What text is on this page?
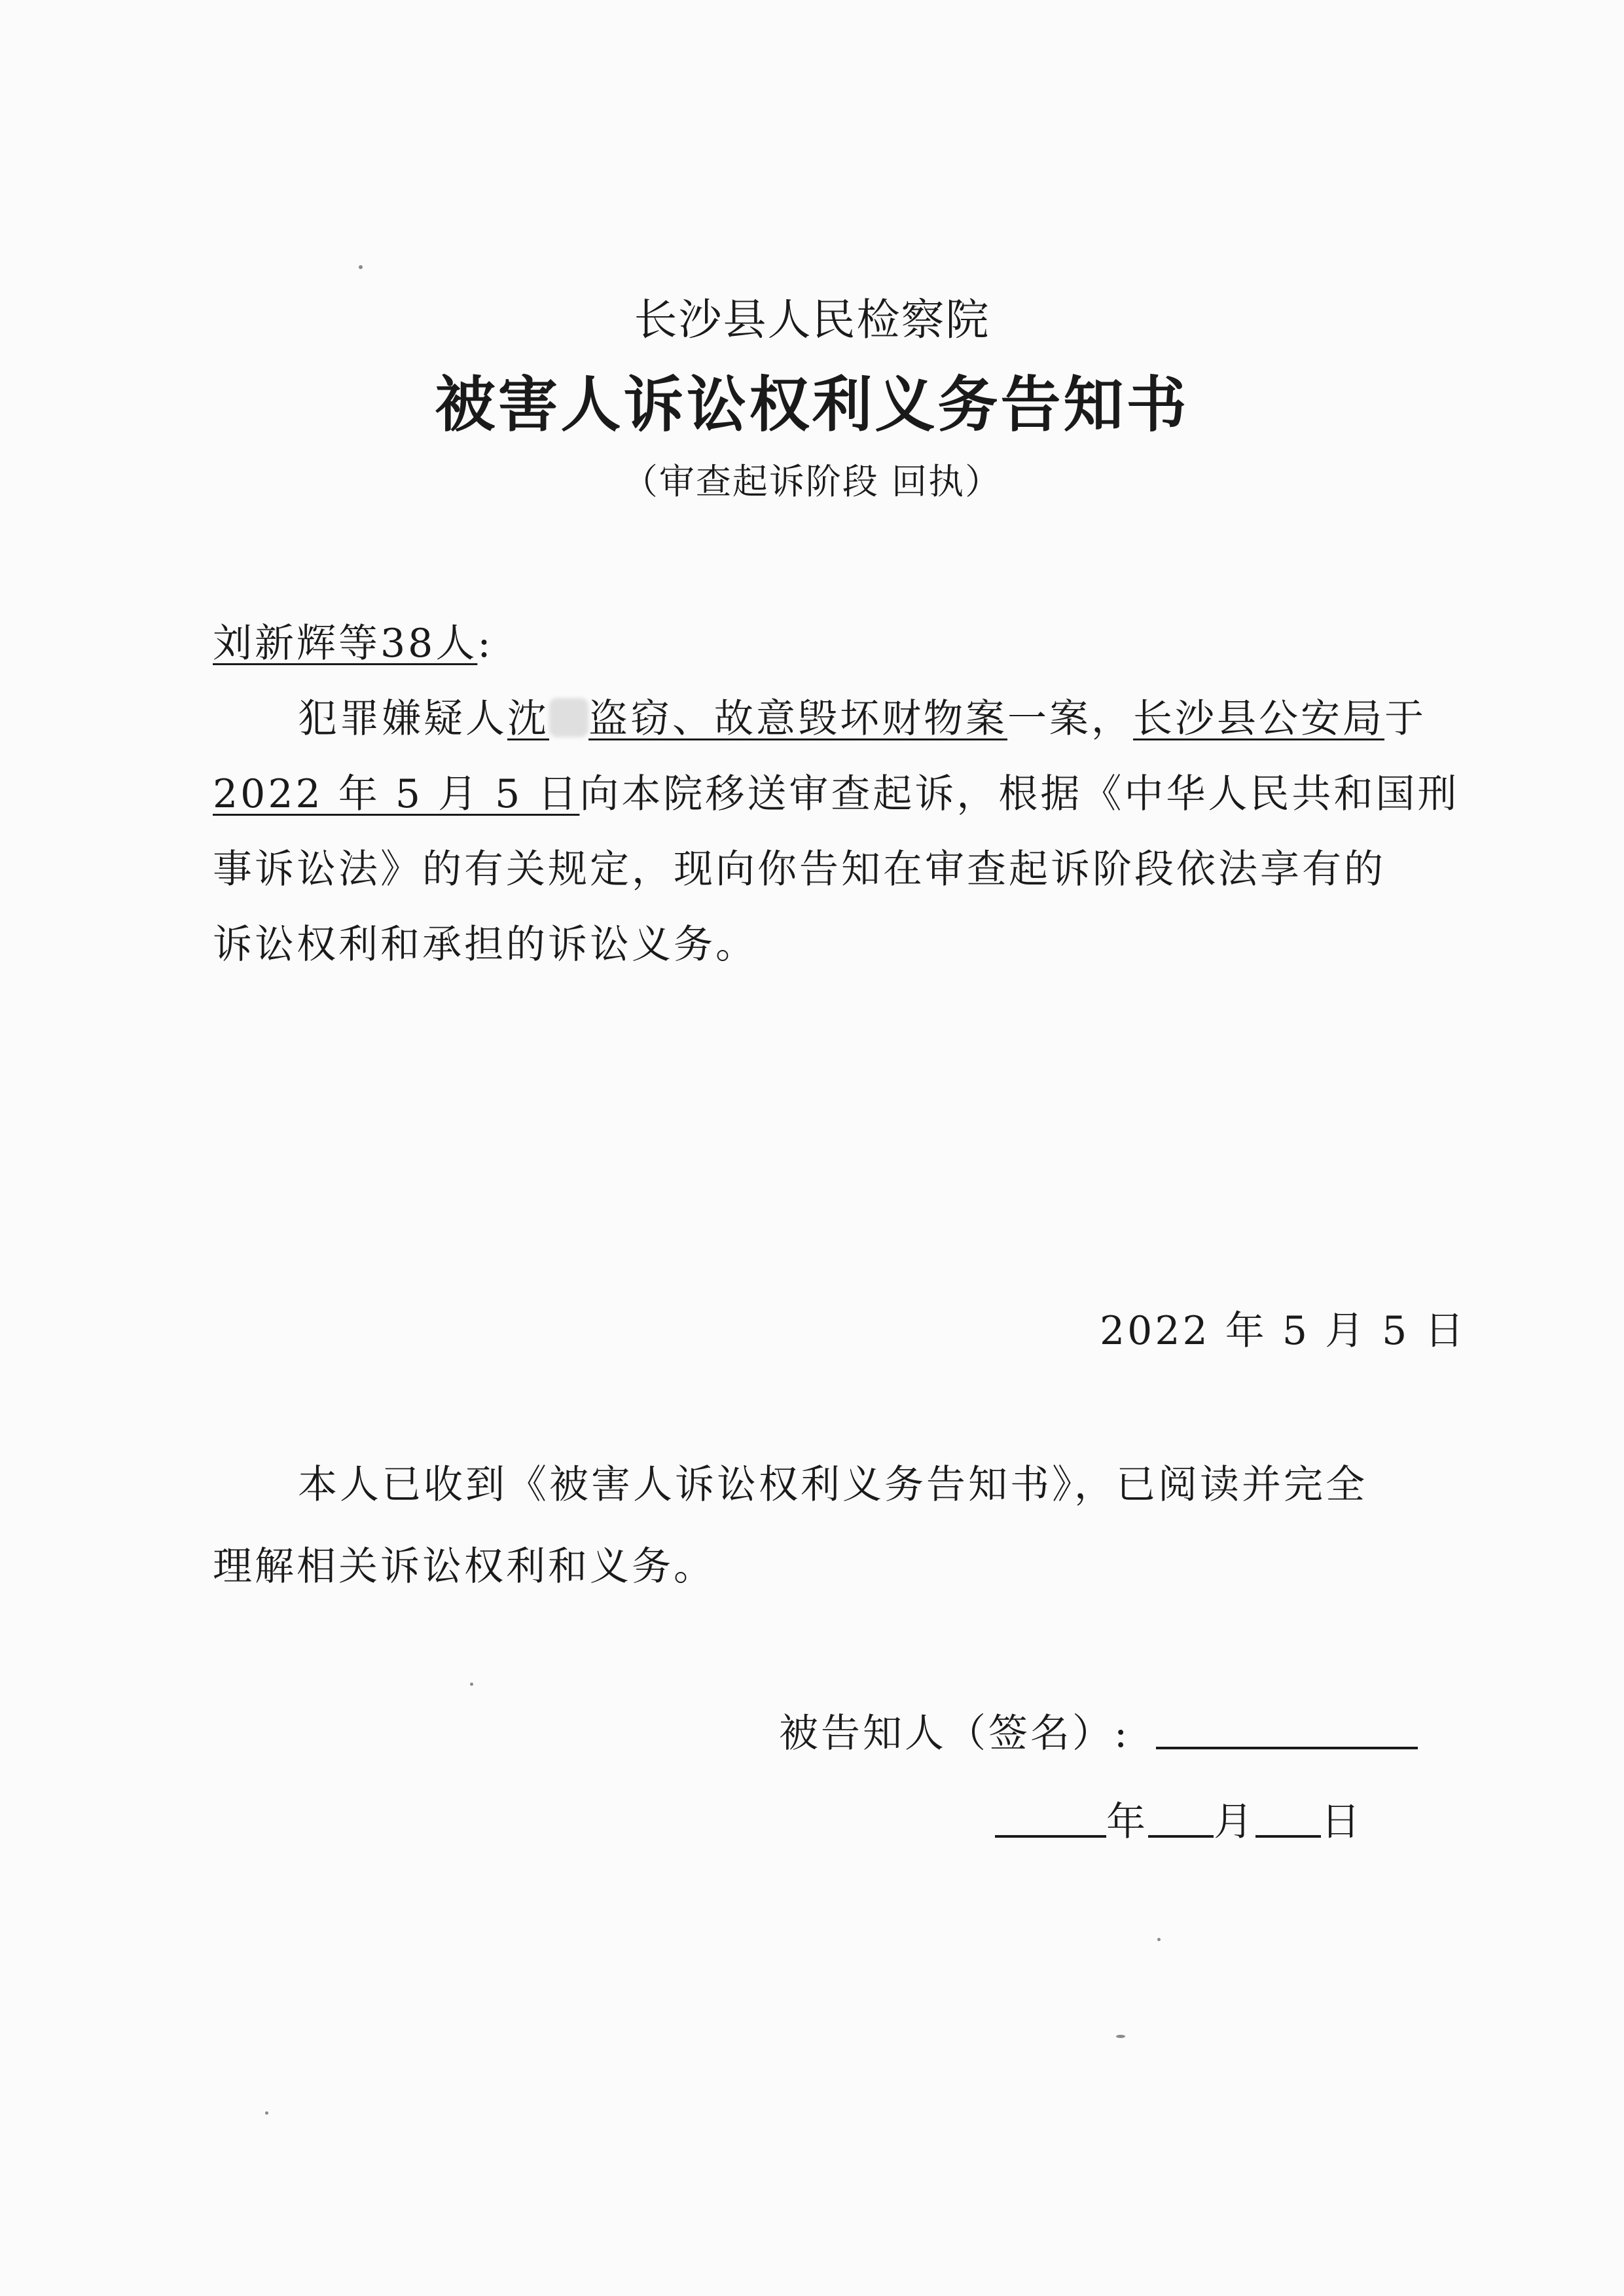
长沙县人民检察院
被害人诉讼权利义务告知书
（审查起诉阶段 回执）
刘新辉等38人:
犯罪嫌疑人沈 盗窃、故意毁坏财物案一案，长沙县公安局于
2022 年 5 月 5 日向本院移送审查起诉，根据《中华人民共和国刑
事诉讼法》的有关规定，现向你告知在审查起诉阶段依法享有的
诉讼权利和承担的诉讼义务。
2022 年 5 月 5 日
本人已收到《被害人诉讼权利义务告知书》，已阅读并完全
理解相关诉讼权利和义务。
被告知人（签名）:
年 月 日
